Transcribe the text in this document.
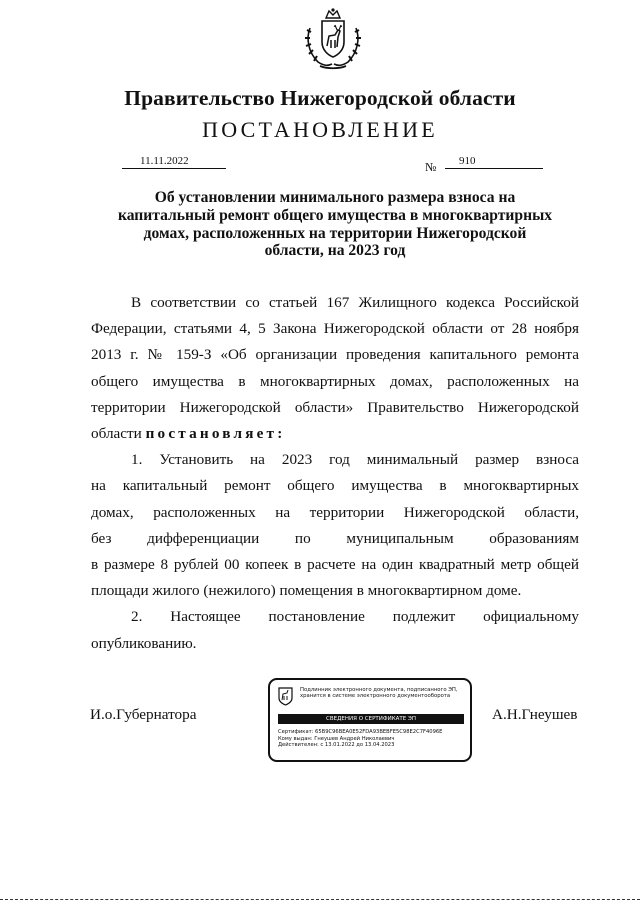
Правительство Нижегородской области
ПОСТАНОВЛЕНИЕ
11.11.2022	№	910
Об установлении минимального размера взноса на
капитальный ремонт общего имущества в многоквартирных
домах, расположенных на территории Нижегородской
области, на 2023 год

В соответствии со статьей 167 Жилищного кодекса Российской

Федерации, статьями 4, 5 Закона Нижегородской области от 28 ноября

2013 г. № 159-З «Об организации проведения капитального ремонта

общего имущества в многоквартирных домах, расположенных на

территории Нижегородской области» Правительство Нижегородской

области постановляет:

1. Установить на 2023 год минимальный размер взноса

на капитальный ремонт общего имущества в многоквартирных

домах, расположенных на территории Нижегородской области,

без дифференциации по муниципальным образованиям

в размере 8 рублей 00 копеек в расчете на один квадратный метр общей

площади жилого (нежилого) помещения в многоквартирном доме.

2. Настоящее постановление подлежит официальному

опубликованию.

И.о.Губернатора	А.Н.Гнеушев
Подлинник электронного документа, подписанного ЭП,
хранится в системе электронного документооборота
СВЕДЕНИЯ О СЕРТИФИКАТЕ ЭП
Сертификат: 65B9C96BEA0E52FDA93BEBFE5C98E2C7F4096E
Кому выдан: Гнеушев Андрей Николаевич
Действителен: с 13.01.2022 до 13.04.2023
